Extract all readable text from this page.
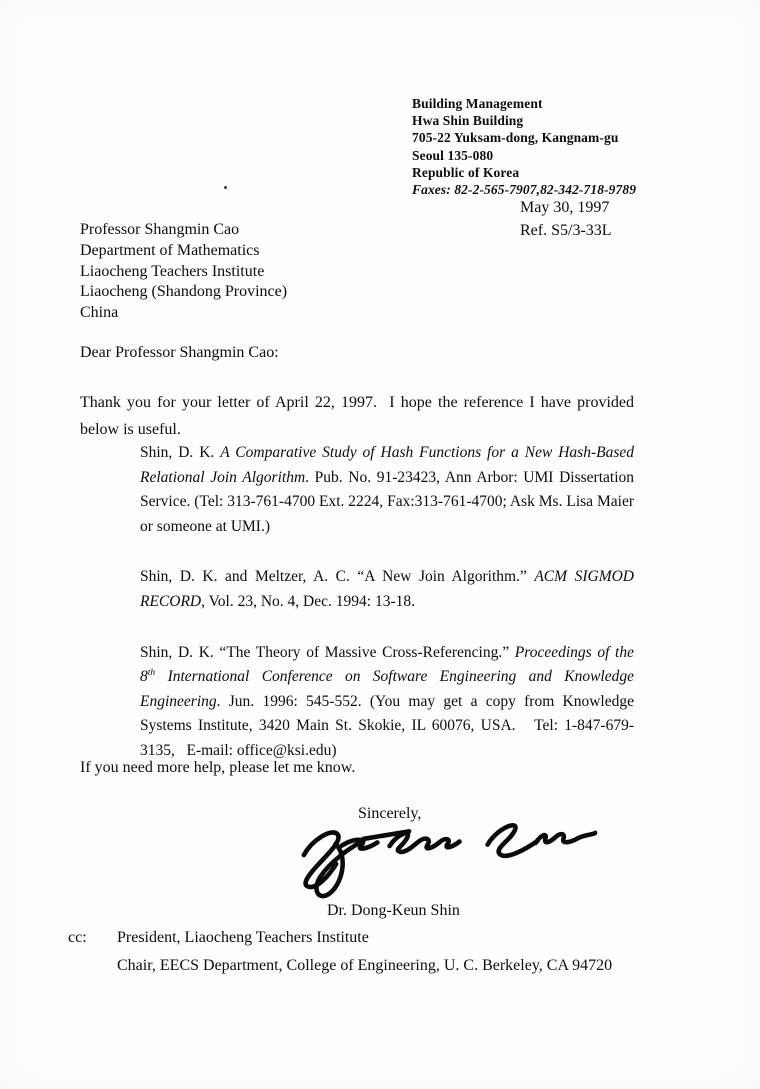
Building Management
Hwa Shin Building
705-22 Yuksam-dong, Kangnam-gu
Seoul 135-080
Republic of Korea
Faxes: 82-2-565-7907,82-342-718-9789
May 30, 1997
Ref. S5/3-33L
Professor Shangmin Cao
Department of Mathematics
Liaocheng Teachers Institute
Liaocheng (Shandong Province)
China
Dear Professor Shangmin Cao:
Thank you for your letter of April 22, 1997.  I hope the reference I have provided below is useful.
Shin, D. K. A Comparative Study of Hash Functions for a New Hash-Based Relational Join Algorithm. Pub. No. 91-23423, Ann Arbor: UMI Dissertation Service. (Tel: 313-761-4700 Ext. 2224, Fax:313-761-4700; Ask Ms. Lisa Maier or someone at UMI.)
Shin, D. K. and Meltzer, A. C. “A New Join Algorithm.” ACM SIGMOD RECORD, Vol. 23, No. 4, Dec. 1994: 13-18.
Shin, D. K. “The Theory of Massive Cross-Referencing.” Proceedings of the 8th International Conference on Software Engineering and Knowledge Engineering. Jun. 1996: 545-552. (You may get a copy from Knowledge Systems Institute, 3420 Main St. Skokie, IL 60076, USA.   Tel: 1-847-679-3135,   E-mail: office@ksi.edu)
If you need more help, please let me know.
Sincerely,
Dr. Dong-Keun Shin
cc:	President, Liaocheng Teachers Institute
Chair, EECS Department, College of Engineering, U. C. Berkeley, CA 94720
